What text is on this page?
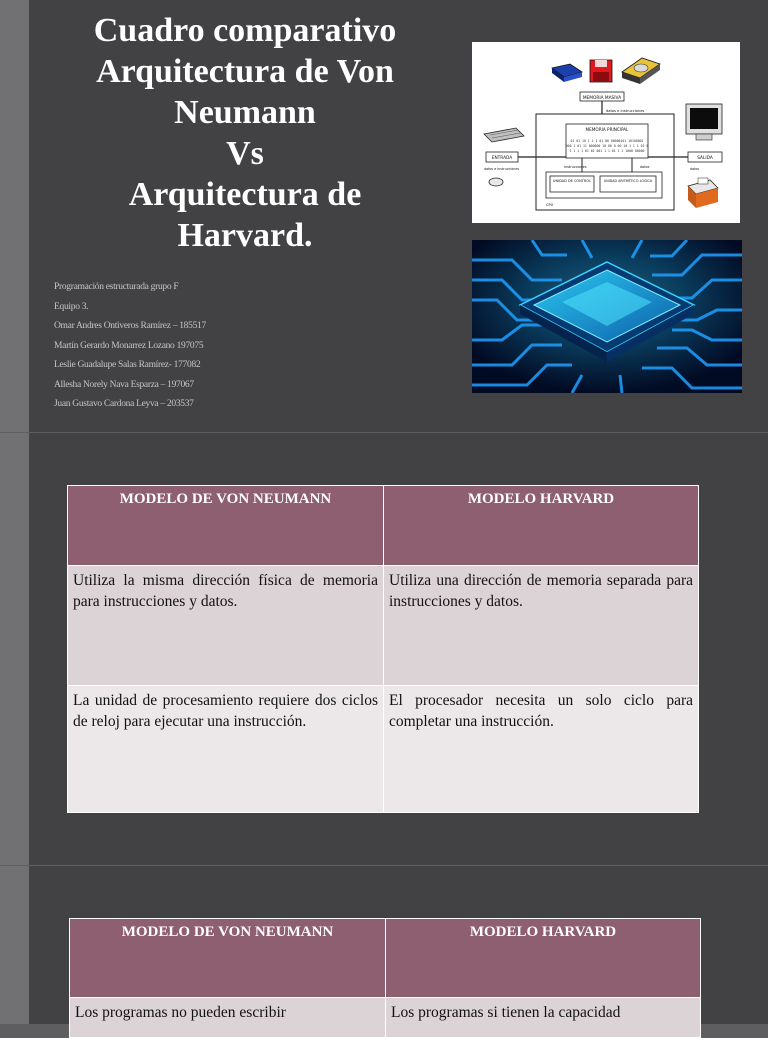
Cuadro comparativo
Arquitectura de Von
Neumann
Vs
Arquitectura de
Harvard.
Programación estructurada grupo F
Equipo 3.
Omar Andres Ontiveros Ramírez – 185517
Martín Gerardo Monarrez Lozano 197075
Leslie Guadalupe Salas Ramírez- 177082
Allesha Norely Nava Esparza – 197067
Juan Gustavo Cardona Leyva – 203537
MEMORIA MASIVA
datos e instrucciones
MEMORIA PRINCIPAL
01 01 10 1 1 1 01 00 00000101 10100001
000 1 01 11 000000 10 00 0 00 10 1 1 1 01 0
1 1 1 1 01 01 001 1 1 01 1 1 1000 00000
ENTRADA
datos e instrucciones
SALIDA
datos
instrucciones	datos
UNIDAD DE CONTROL	UNIDAD ARITMÉTICO-LÓGICA
CPU
MODELO DE VON NEUMANN	MODELO HARVARD
Utiliza la misma dirección física de memoria para instrucciones y datos.	Utiliza una dirección de memoria separada para instrucciones y datos.
La unidad de procesamiento requiere dos ciclos de reloj para ejecutar una instrucción.	El procesador necesita un solo ciclo para completar una instrucción.
MODELO DE VON NEUMANN	MODELO HARVARD
Los programas no pueden escribir	Los programas si tienen la capacidad
